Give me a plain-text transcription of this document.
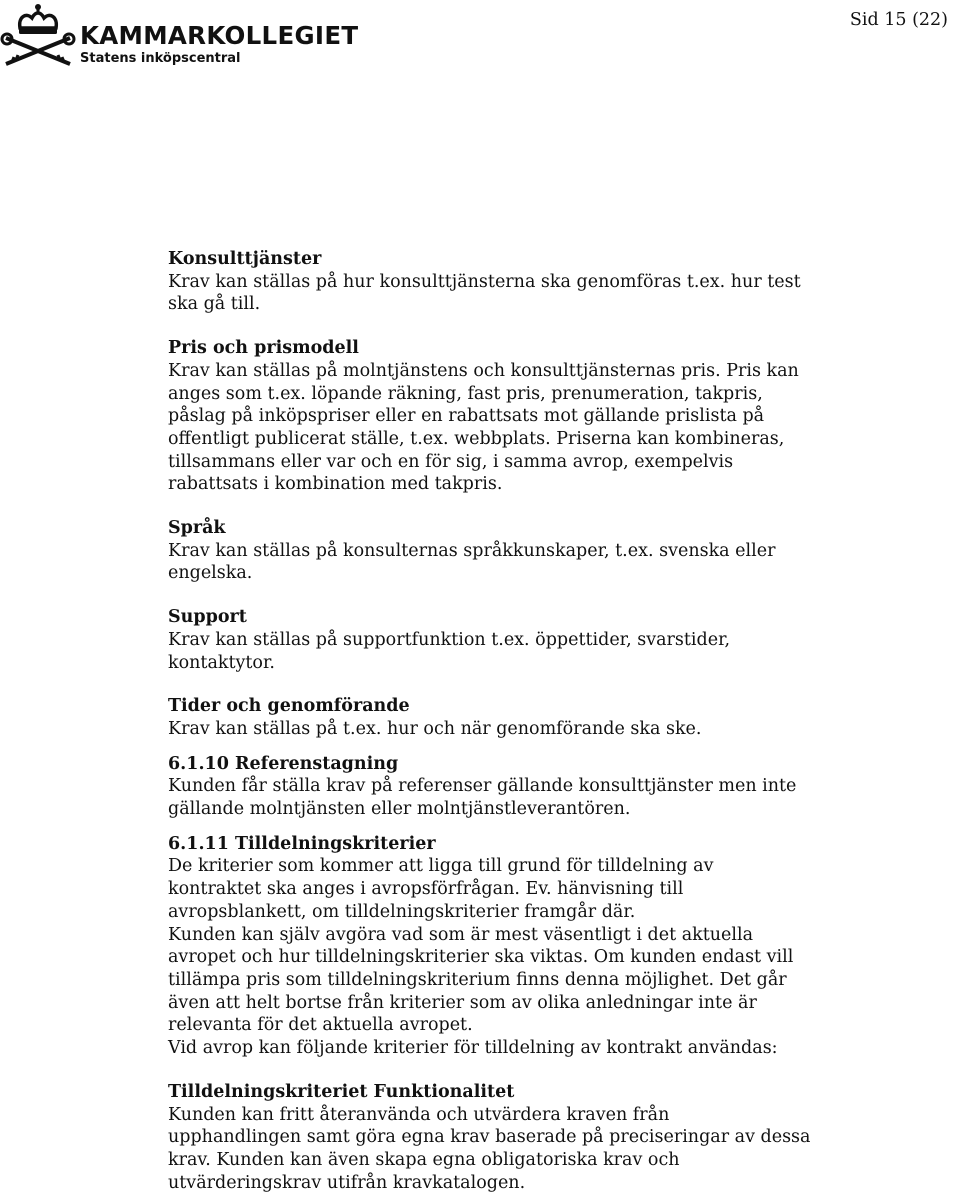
KAMMARKOLLEGIET

Statens inköpscentral

Sid 15 (22)

Konsulttjänster

Krav kan ställas på hur konsulttjänsterna ska genomföras t.ex. hur test

ska gå till.

Pris och prismodell

Krav kan ställas på molntjänstens och konsulttjänsternas pris. Pris kan

anges som t.ex. löpande räkning, fast pris, prenumeration, takpris,

påslag på inköpspriser eller en rabattsats mot gällande prislista på

offentligt publicerat ställe, t.ex. webbplats. Priserna kan kombineras,

tillsammans eller var och en för sig, i samma avrop, exempelvis

rabattsats i kombination med takpris.

Språk

Krav kan ställas på konsulternas språkkunskaper, t.ex. svenska eller

engelska.

Support

Krav kan ställas på supportfunktion t.ex. öppettider, svarstider,

kontaktytor.

Tider och genomförande

Krav kan ställas på t.ex. hur och när genomförande ska ske.

6.1.10 Referenstagning

Kunden får ställa krav på referenser gällande konsulttjänster men inte

gällande molntjänsten eller molntjänstleverantören.

6.1.11 Tilldelningskriterier

De kriterier som kommer att ligga till grund för tilldelning av

kontraktet ska anges i avropsförfrågan. Ev. hänvisning till

avropsblankett, om tilldelningskriterier framgår där.

Kunden kan själv avgöra vad som är mest väsentligt i det aktuella

avropet och hur tilldelningskriterier ska viktas. Om kunden endast vill

tillämpa pris som tilldelningskriterium finns denna möjlighet. Det går

även att helt bortse från kriterier som av olika anledningar inte är

relevanta för det aktuella avropet.

Vid avrop kan följande kriterier för tilldelning av kontrakt användas:

Tilldelningskriteriet Funktionalitet

Kunden kan fritt återanvända och utvärdera kraven från

upphandlingen samt göra egna krav baserade på preciseringar av dessa

krav. Kunden kan även skapa egna obligatoriska krav och

utvärderingskrav utifrån kravkatalogen.
